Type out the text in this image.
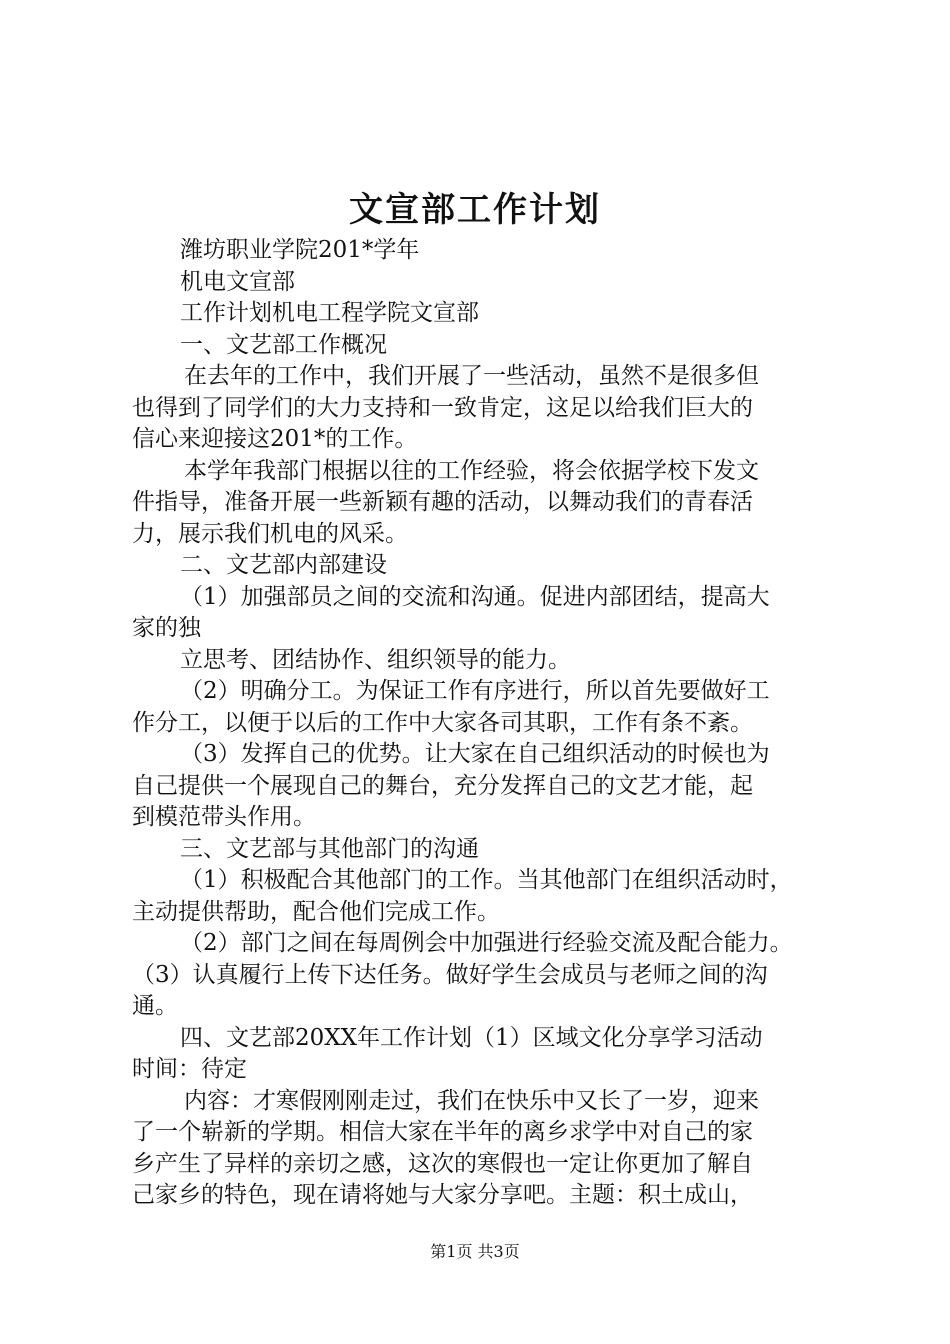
文宣部工作计划
潍坊职业学院201*学年
机电文宣部
工作计划机电工程学院文宣部
一、文艺部工作概况
在去年的工作中，我们开展了一些活动，虽然不是很多但
也得到了同学们的大力支持和一致肯定，这足以给我们巨大的
信心来迎接这201*的工作。
本学年我部门根据以往的工作经验，将会依据学校下发文
件指导，准备开展一些新颖有趣的活动，以舞动我们的青春活
力，展示我们机电的风采。
二、文艺部内部建设
（1）加强部员之间的交流和沟通。促进内部团结，提高大
家的独
立思考、团结协作、组织领导的能力。
（2）明确分工。为保证工作有序进行，所以首先要做好工
作分工，以便于以后的工作中大家各司其职，工作有条不紊。
（3）发挥自己的优势。让大家在自己组织活动的时候也为
自己提供一个展现自己的舞台，充分发挥自己的文艺才能，起
到模范带头作用。
三、文艺部与其他部门的沟通
（1）积极配合其他部门的工作。当其他部门在组织活动时，
主动提供帮助，配合他们完成工作。
（2）部门之间在每周例会中加强进行经验交流及配合能力。
（3）认真履行上传下达任务。做好学生会成员与老师之间的沟
通。
四、文艺部20XX年工作计划（1）区域文化分享学习活动
时间：待定
内容：才寒假刚刚走过，我们在快乐中又长了一岁，迎来
了一个崭新的学期。相信大家在半年的离乡求学中对自己的家
乡产生了异样的亲切之感，这次的寒假也一定让你更加了解自
己家乡的特色，现在请将她与大家分享吧。主题：积土成山，
第1页 共3页
